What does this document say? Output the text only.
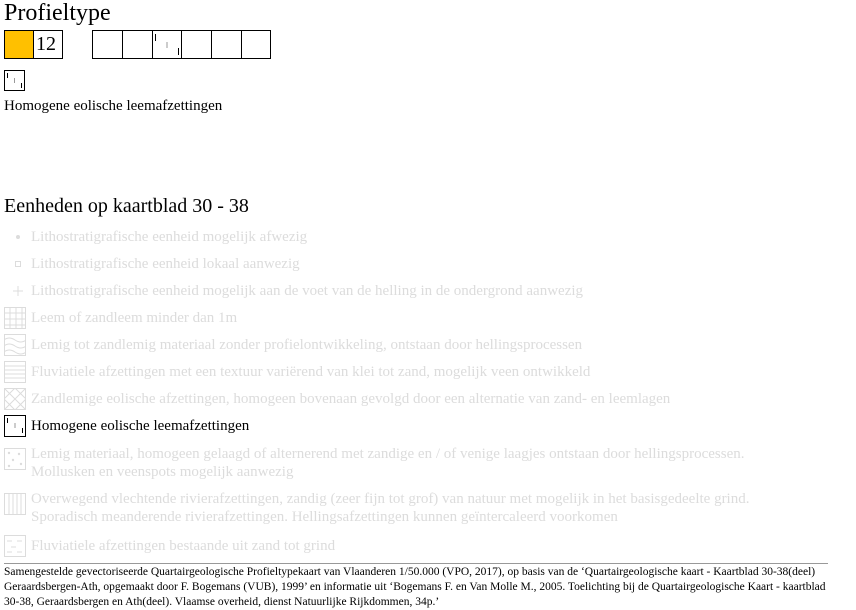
Profieltype
12
Homogene eolische leemafzettingen
Eenheden op kaartblad 30 - 38
Lithostratigrafische eenheid mogelijk afwezig
Lithostratigrafische eenheid lokaal aanwezig
Lithostratigrafische eenheid mogelijk aan de voet van de helling in de ondergrond aanwezig
Leem of zandleem minder dan 1m
Lemig tot zandlemig materiaal zonder profielontwikkeling, ontstaan door hellingsprocessen
Fluviatiele afzettingen met een textuur variërend van klei tot zand, mogelijk veen ontwikkeld
Zandlemige eolische afzettingen, homogeen bovenaan gevolgd door een alternatie van zand- en leemlagen
Homogene eolische leemafzettingen
Lemig materiaal, homogeen gelaagd of alternerend met zandige en / of venige laagjes ontstaan door hellingsprocessen.
Mollusken en veenspots mogelijk aanwezig
Overwegend vlechtende rivierafzettingen, zandig (zeer fijn tot grof) van natuur met mogelijk in het basisgedeelte grind.
Sporadisch meanderende rivierafzettingen. Hellingsafzettingen kunnen geïntercaleerd voorkomen
Fluviatiele afzettingen bestaande uit zand tot grind
Samengestelde gevectoriseerde Quartairgeologische Profieltypekaart van Vlaanderen 1/50.000 (VPO, 2017), op basis van de ‘Quartairgeologische kaart - Kaartblad 30-38(deel) Geraardsbergen-Ath, opgemaakt door F. Bogemans (VUB), 1999’ en informatie uit ‘Bogemans F. en Van Molle M., 2005. Toelichting bij de Quartairgeologische Kaart - kaartblad 30-38, Geraardsbergen en Ath(deel). Vlaamse overheid, dienst Natuurlijke Rijkdommen, 34p.’
